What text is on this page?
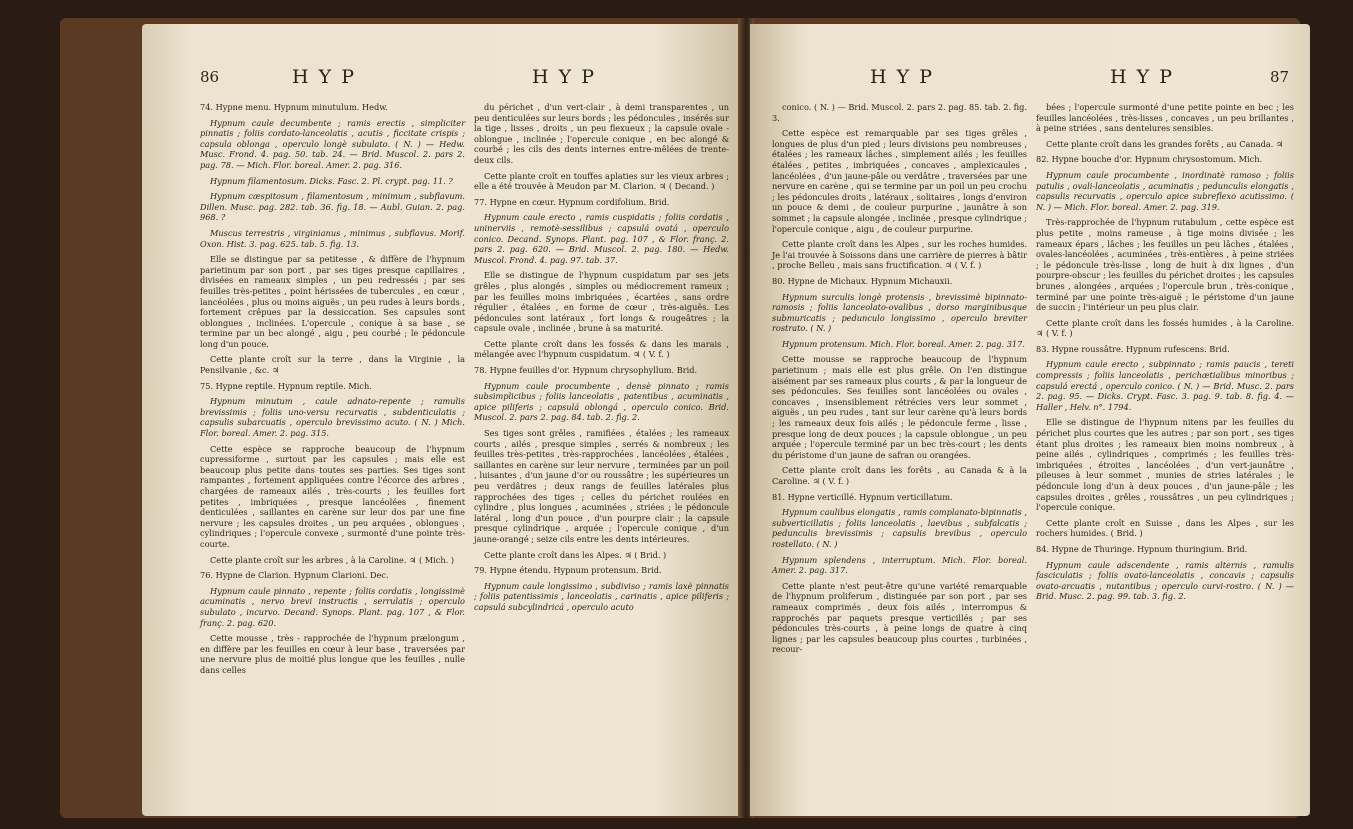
86	H Y P	H Y P

74. Hypne menu. Hypnum minutulum. Hedw.

Hypnum caule decumbente ; ramis erectis , simpliciter pinnatis ; foliis cordato-lanceolatis , acutis , ficcitate crispis ; capsula oblonga , operculo longè subulato. ( N. ) — Hedw. Musc. Frond. 4. pag. 50. tab. 24. — Brid. Muscol. 2. pars 2. pag. 78. — Mich. Flor. boreal. Amer. 2. pag. 316.

Hypnum filamentosum. Dicks. Fasc. 2. Pl. crypt. pag. 11. ?

Hypnum cæspitosum , filamentosum , minimum , subflavum. Dillen. Musc. pag. 282. tab. 36. fig. 18. — Aubl. Guian. 2. pag. 968. ?

Muscus terrestris , virginianus , minimus , subflavus. Morif. Oxon. Hist. 3. pag. 625. tab. 5. fig. 13.

Elle se distingue par sa petitesse , & diffère de l'hypnum parietinum par son port , par ses tiges presque capillaires , divisées en rameaux simples , un peu redressés ; par ses feuilles très-petites , point hérissées de tubercules , en cœur , lancéolées , plus ou moins aiguës , un peu rudes à leurs bords , fortement crêpues par la dessiccation. Ses capsules sont oblongues , inclinées. L'opercule , conique à sa base , se termine par un bec alongé , aigu , peu courbé ; le pédoncule long d'un pouce.

Cette plante croît sur la terre , dans la Virginie , la Pensilvanie , &c. ♃

75. Hypne reptile. Hypnum reptile. Mich.

Hypnum minutum , caule adnato-repente ; ramulis brevissimis ; foliis uno-versu recurvatis , subdenticulatis ; capsulis subarcuatis , operculo brevissimo acuto. ( N. ) Mich. Flor. boreal. Amer. 2. pag. 315.

Cette espèce se rapproche beaucoup de l'hypnum cupressiforme , surtout par les capsules ; mais elle est beaucoup plus petite dans toutes ses parties. Ses tiges sont rampantes , fortement appliquées contre l'écorce des arbres , chargées de rameaux ailés , très-courts ; les feuilles fort petites , imbriquées , presque lancéolées , finement denticulées , saillantes en carène sur leur dos par une fine nervure ; les capsules droites , un peu arquées , oblongues , cylindriques ; l'opercule convexe , surmonté d'une pointe très-courte.

Cette plante croît sur les arbres , à la Caroline. ♃ ( Mich. )

76. Hypne de Clarion. Hypnum Clarioni. Dec.

Hypnum caule pinnato , repente ; foliis cordatis , longissimè acuminatis , nervo brevi instructis , serrulatis ; operculo subulato , incurvo. Decand. Synops. Plant. pag. 107 , & Flor. franç. 2. pag. 620.

Cette mousse , très - rapprochée de l'hypnum prælongum , en diffère par les feuilles en cœur à leur base , traversées par une nervure plus de moitié plus longue que les feuilles , nulle dans celles

du périchet , d'un vert-clair , à demi transparentes , un peu denticulées sur leurs bords ; les pédoncules , insérés sur la tige , lisses , droits , un peu flexueux ; la capsule ovale - oblongue , inclinée ; l'opercule conique , en bec alongé & courbé ; les cils des dents internes entre-mêlées de trente-deux cils.

Cette plante croît en touffes aplaties sur les vieux arbres ; elle a été trouvée à Meudon par M. Clarion. ♃ ( Decand. )

77. Hypne en cœur. Hypnum cordifolium. Brid.

Hypnum caule erecto , ramis cuspidatis ; foliis cordatis , uninerviis , remotè-sessilibus ; capsulá ovatá , operculo conico. Decand. Synops. Plant. pag. 107 , & Flor. franç. 2. pars 2. pag. 620. — Brid. Muscol. 2. pag. 180. — Hedw. Muscol. Frond. 4. pag. 97. tab. 37.

Elle se distingue de l'hypnum cuspidatum par ses jets grêles , plus alongés , simples ou médiocrement rameux ; par les feuilles moins imbriquées , écartées , sans ordre régulier , étalées , en forme de cœur , très-aiguës. Les pédoncules sont latéraux , fort longs & rougeâtres ; la capsule ovale , inclinée , brune à sa maturité.

Cette plante croît dans les fossés & dans les marais , mélangée avec l'hypnum cuspidatum. ♃ ( V. f. )

78. Hypne feuilles d'or. Hypnum chrysophyllum. Brid.

Hypnum caule procumbente , densè pinnato ; ramis subsimplicibus ; foliis lanceolatis , patentibus , acuminatis , apice piliferis ; capsulá oblongá , operculo conico. Brid. Muscol. 2. pars 2. pag. 84. tab. 2. fig. 2.

Ses tiges sont grêles , ramifiées , étalées ; les rameaux courts , ailés , presque simples , serrés & nombreux ; les feuilles très-petites , très-rapprochées , lancéolées , étalées , saillantes en carène sur leur nervure , terminées par un poil , luisantes , d'un jaune d'or ou roussâtre ; les supérieures un peu verdâtres ; deux rangs de feuilles latérales plus rapprochées des tiges ; celles du périchet roulées en cylindre , plus longues , acuminées , striées ; le pédoncule latéral , long d'un pouce , d'un pourpre clair ; la capsule presque cylindrique , arquée ; l'opercule conique , d'un jaune-orangé ; seize cils entre les dents intérieures.

Cette plante croît dans les Alpes. ♃ ( Brid. )

79. Hypne étendu. Hypnum protensum. Brid.

Hypnum caule longissimo , subdiviso ; ramis laxè pinnatis ; foliis patentissimis , lanceolatis , carinatis , apice piliferis ; capsulá subcylindricá , operculo acuto

H Y P	H Y P	87

conico. ( N. ) — Brid. Muscol. 2. pars 2. pag. 85. tab. 2. fig. 3.

Cette espèce est remarquable par ses tiges grêles , longues de plus d'un pied ; leurs divisions peu nombreuses , étalées ; les rameaux lâches , simplement ailés ; les feuilles étalées , petites , imbriquées , concaves , amplexicaules , lancéolées , d'un jaune-pâle ou verdâtre , traversées par une nervure en carène , qui se termine par un poil un peu crochu ; les pédoncules droits , latéraux , solitaires , longs d'environ un pouce & demi , de couleur purpurine , jaunâtre à son sommet ; la capsule alongée , inclinée , presque cylindrique ; l'opercule conique , aigu , de couleur purpurine.

Cette plante croît dans les Alpes , sur les roches humides. Je l'ai trouvée à Soissons dans une carrière de pierres à bâtir , proche Belleu , mais sans fructification. ♃ ( V. f. )

80. Hypne de Michaux. Hypnum Michauxii.

Hypnum surculis longè protensis , brevissimè bipinnato-ramosis ; foliis lanceolato-ovalibus , dorso marginibusque submuricatis ; pedunculo longissimo , operculo breviter rostrato. ( N. )

Hypnum protensum. Mich. Flor. boreal. Amer. 2. pag. 317.

Cette mousse se rapproche beaucoup de l'hypnum parietinum ; mais elle est plus grêle. On l'en distingue aisément par ses rameaux plus courts , & par la longueur de ses pédoncules. Ses feuilles sont lancéolées ou ovales , concaves , insensiblement rétrécies vers leur sommet , aiguës , un peu rudes , tant sur leur carène qu'à leurs bords ; les rameaux deux fois ailés ; le pédoncule ferme , lisse , presque long de deux pouces ; la capsule oblongue , un peu arquée ; l'opercule terminé par un bec très-court ; les dents du péristome d'un jaune de safran ou orangées.

Cette plante croît dans les forêts , au Canada & à la Caroline. ♃ ( V. f. )

81. Hypne verticillé. Hypnum verticillatum.

Hypnum caulibus elongatis , ramis complanato-bipinnatis , subverticillatis ; foliis lanceolatis , laevibus , subfalcatis ; pedunculis brevissimis ; capsulis brevibus , operculo rostellato. ( N. )

Hypnum splendens , interruptum. Mich. Flor. boreal. Amer. 2. pag. 317.

Cette plante n'est peut-être qu'une variété remarquable de l'hypnum proliferum , distinguée par son port , par ses rameaux comprimés , deux fois ailés , interrompus & rapprochés par paquets presque verticillés ; par ses pédoncules très-courts , à peine longs de quatre à cinq lignes ; par les capsules beaucoup plus courtes , turbinées , recour-

bées ; l'opercule surmonté d'une petite pointe en bec ; les feuilles lancéolées , très-lisses , concaves , un peu brillantes , à peine striées , sans dentelures sensibles.

Cette plante croît dans les grandes forêts , au Canada. ♃

82. Hypne bouche d'or. Hypnum chrysostomum. Mich.

Hypnum caule procumbente , inordinatè ramoso ; foliis patulis , ovali-lanceolatis , acuminatis ; pedunculis elongatis , capsulis recurvatis , operculo apice subreflexo acutissimo. ( N. ) — Mich. Flor. boreal. Amer. 2. pag. 319.

Très-rapprochée de l'hypnum rutabulum , cette espèce est plus petite , moins rameuse , à tige moins divisée ; les rameaux épars , lâches ; les feuilles un peu lâches , étalées , ovales-lancéolées , acuminées , très-entières , à peine striées ; le pédoncule très-lisse , long de huit à dix lignes , d'un pourpre-obscur ; les feuilles du périchet droites ; les capsules brunes , alongées , arquées ; l'opercule brun , très-conique , terminé par une pointe très-aiguë ; le péristome d'un jaune de succin ; l'intérieur un peu plus clair.

Cette plante croît dans les fossés humides , à la Caroline. ♃ ( V. f. )

83. Hypne roussâtre. Hypnum rufescens. Brid.

Hypnum caule erecto , subpinnato ; ramis paucis , tereti compressis ; foliis lanceolatis , perichætialibus minoribus ; capsulá erectá , operculo conico. ( N. ) — Brid. Musc. 2. pars 2. pag. 95. — Dicks. Crypt. Fasc. 3. pag. 9. tab. 8. fig. 4. — Haller , Helv. n°. 1794.

Elle se distingue de l'hypnum nitens par les feuilles du périchet plus courtes que les autres ; par son port , ses tiges étant plus droites ; les rameaux bien moins nombreux , à peine ailés , cylindriques , comprimés ; les feuilles très-imbriquées , étroites , lancéolées , d'un vert-jaunâtre , pileuses à leur sommet , munies de stries latérales ; le pédoncule long d'un à deux pouces , d'un jaune-pâle ; les capsules droites , grêles , roussâtres , un peu cylindriques ; l'opercule conique.

Cette plante croît en Suisse , dans les Alpes , sur les rochers humides. ( Brid. )

84. Hypne de Thuringe. Hypnum thuringium. Brid.

Hypnum caule adscendente , ramis alternis , ramulis fasciculatis ; foliis ovato-lanceolatis , concavis ; capsulis ovato-arcuatis , nutantibus ; operculo curvi-rostro. ( N. ) — Brid. Musc. 2. pag. 99. tab. 3. fig. 2.
